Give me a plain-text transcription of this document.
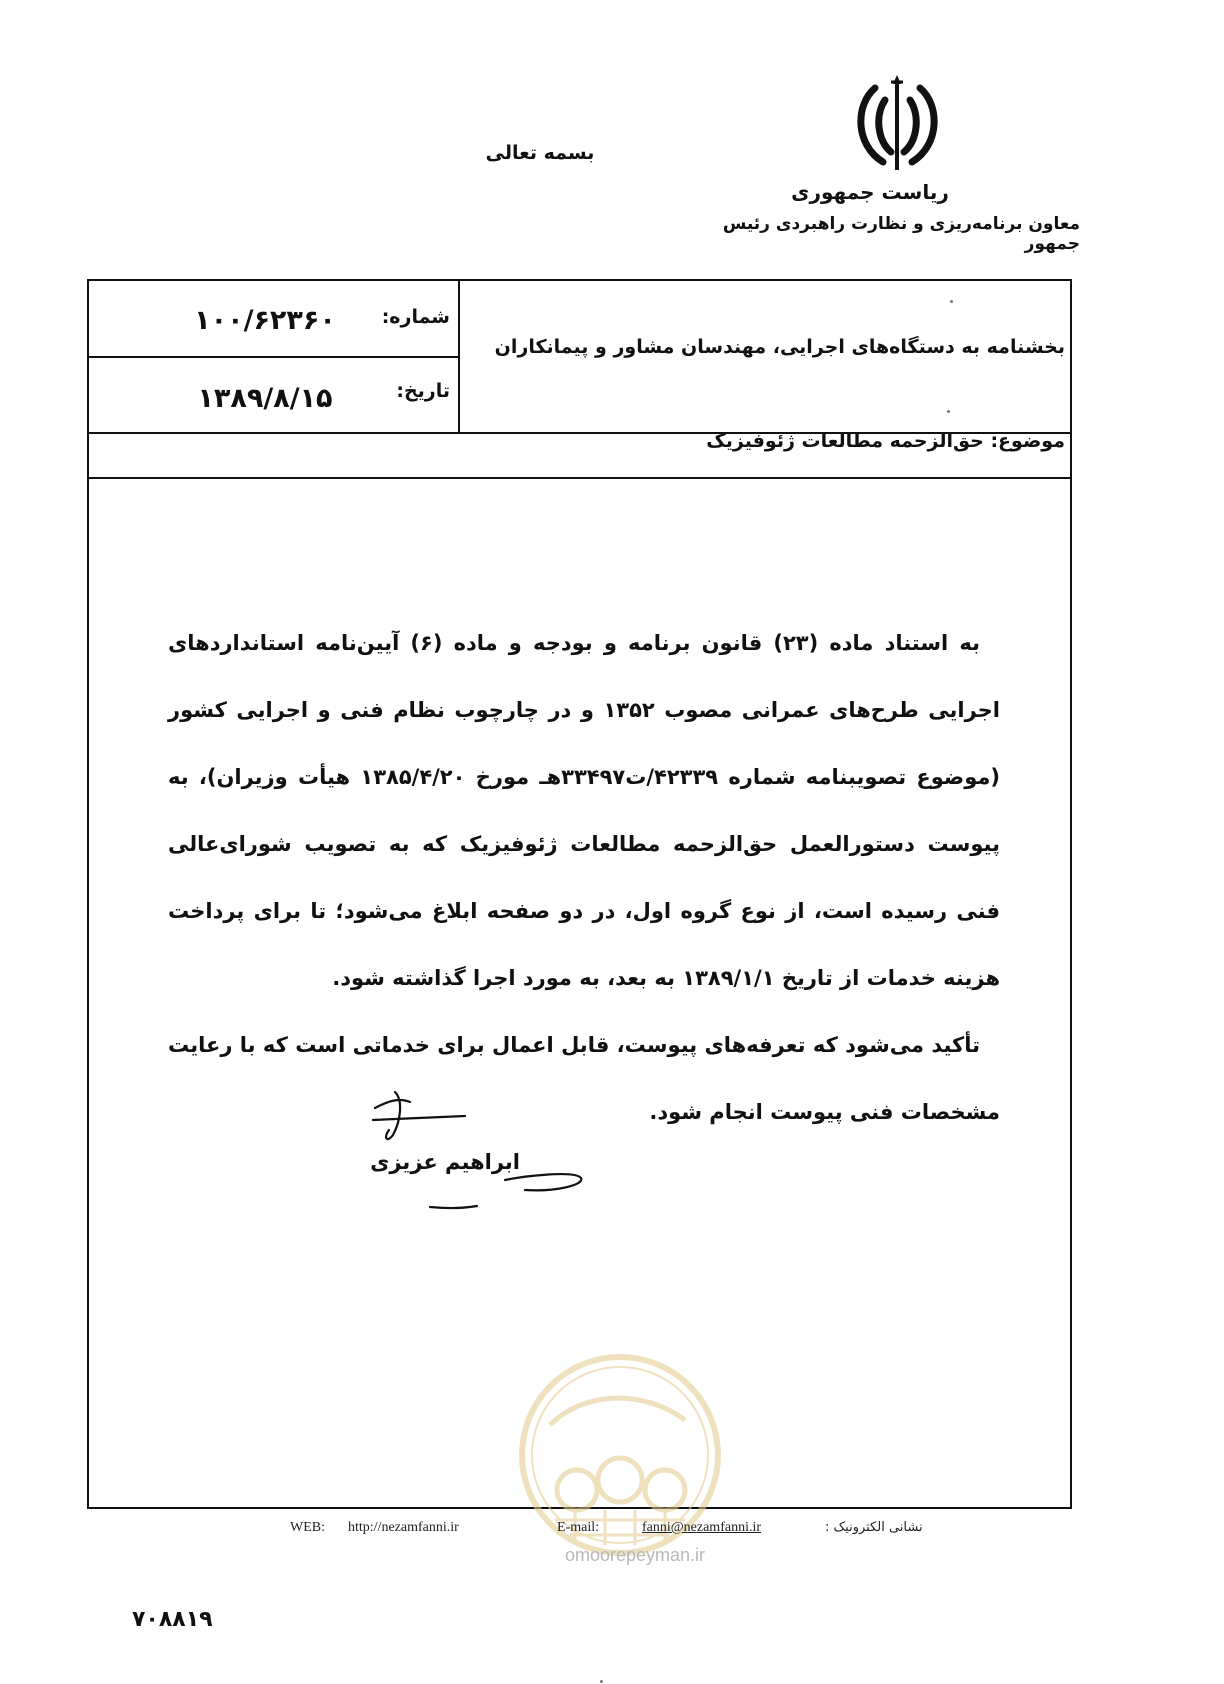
بسمه تعالی
ریاست جمهوری
معاون برنامه‌ریزی و نظارت راهبردی رئیس جمهور
شماره:
۱۰۰/۶۲۳۶۰
تاریخ:
۱۳۸۹/۸/۱۵
بخشنامه به دستگاه‌های اجرایی، مهندسان مشاور و پیمانکاران
موضوع: حق‌الزحمه مطالعات ژئوفیزیک

به استناد ماده (۲۳) قانون برنامه و بودجه و ماده (۶) آیین‌نامه استانداردهای اجرایی طرح‌های عمرانی مصوب ۱۳۵۲ و در چارچوب نظام فنی و اجرایی کشور (موضوع تصویبنامه شماره ۴۲۳۳۹/ت۳۳۴۹۷هـ مورخ ۱۳۸۵/۴/۲۰ هیأت وزیران)، به پیوست دستورالعمل حق‌الزحمه مطالعات ژئوفیزیک که به تصویب شورای‌عالی فنی رسیده است، از نوع گروه اول، در دو صفحه ابلاغ می‌شود؛ تا برای پرداخت هزینه خدمات از تاریخ ۱۳۸۹/۱/۱ به بعد، به مورد اجرا گذاشته شود.

تأکید می‌شود که تعرفه‌های پیوست، قابل اعمال برای خدماتی است که با رعایت مشخصات فنی پیوست انجام شود.

ابراهیم عزیزی
WEB: http://nezamfanni.ir	E-mail:	fanni@nezamfanni.ir	نشانی الکترونیک :
omoorepeyman.ir
۷۰۸۸۱۹
